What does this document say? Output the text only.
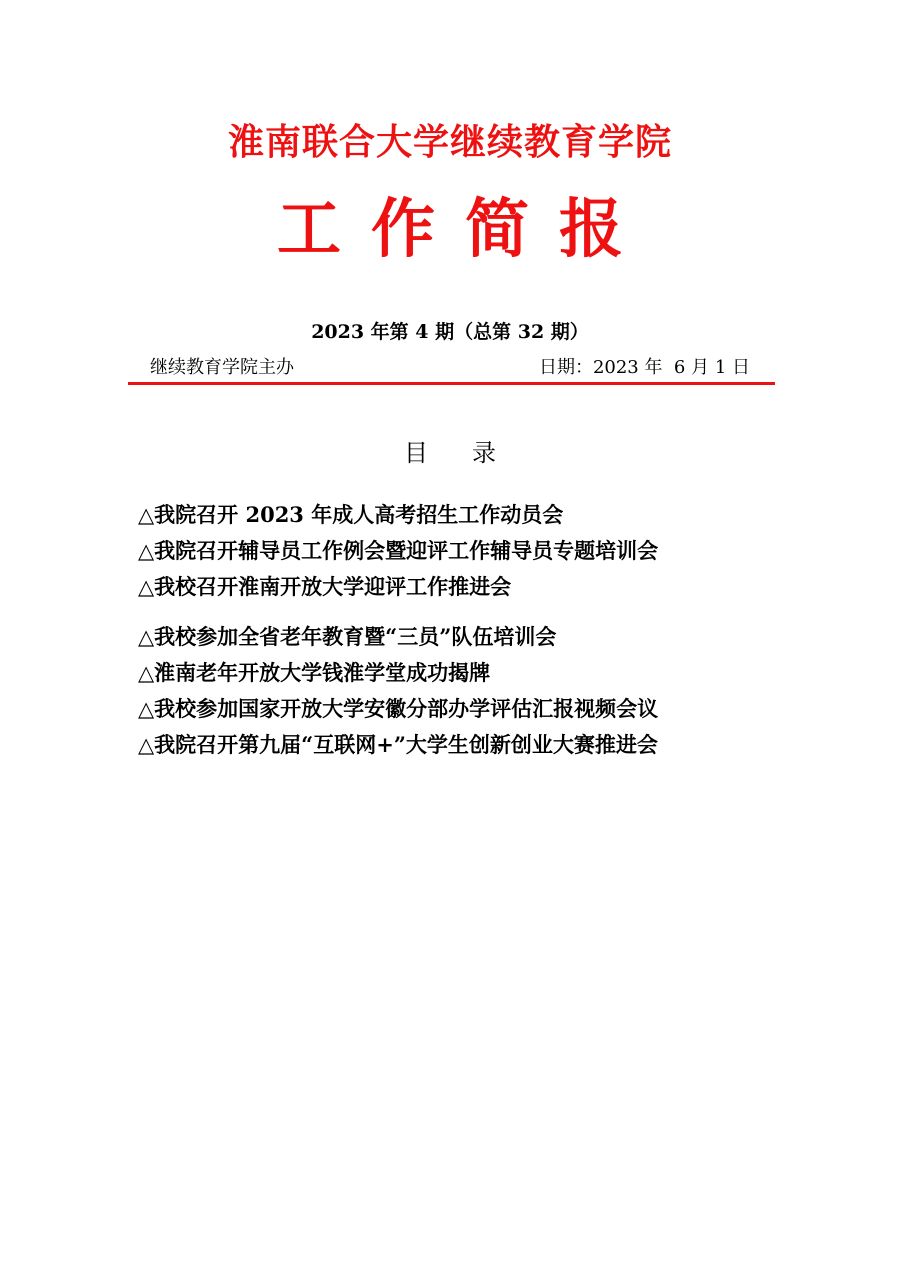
淮南联合大学继续教育学院
工作简报
2023 年第 4 期（总第 32 期）
继续教育学院主办	日期：2023 年  6 月 1 日
目录
△我院召开 2023 年成人高考招生工作动员会
△我院召开辅导员工作例会暨迎评工作辅导员专题培训会
△我校召开淮南开放大学迎评工作推进会
△我校参加全省老年教育暨“三员”队伍培训会
△淮南老年开放大学钱淮学堂成功揭牌
△我校参加国家开放大学安徽分部办学评估汇报视频会议
△我院召开第九届“互联网+”大学生创新创业大赛推进会
